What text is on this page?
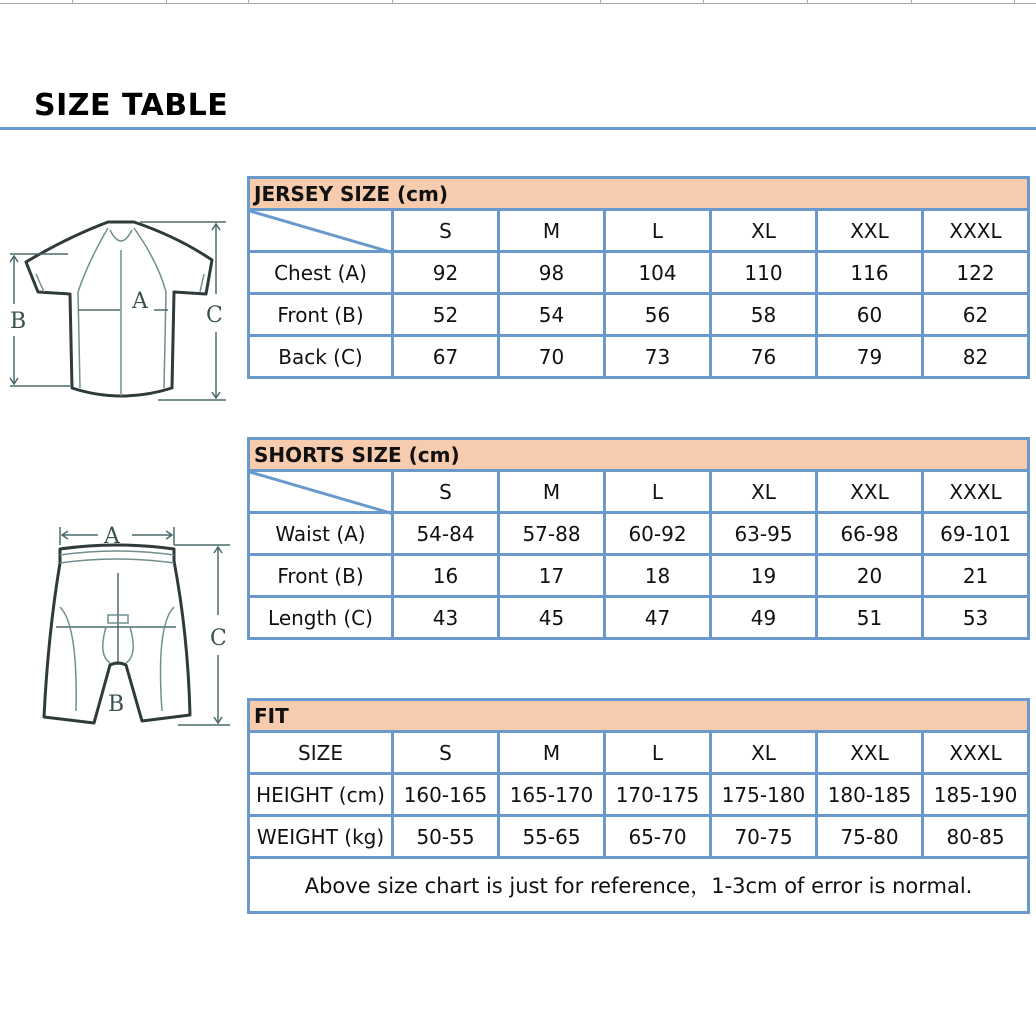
SIZE TABLE
A
B	C
A
B
C
JERSEY SIZE (cm)						

	S	M	L	XL	XXL	XXXL
Chest (A)	92	98	104	110	116	122
Front (B)	52	54	56	58	60	62
Back (C)	67	70	73	76	79	82
SHORTS SIZE (cm)						

	S	M	L	XL	XXL	XXXL
Waist (A)	54-84	57-88	60-92	63-95	66-98	69-101
Front (B)	16	17	18	19	20	21
Length (C)	43	45	47	49	51	53
FIT						
SIZE	S	M	L	XL	XXL	XXXL
HEIGHT (cm)	160-165	165-170	170-175	175-180	180-185	185-190
WEIGHT (kg)	50-55	55-65	65-70	70-75	75-80	80-85
Above size chart is just for reference，1-3cm of error is normal.						
